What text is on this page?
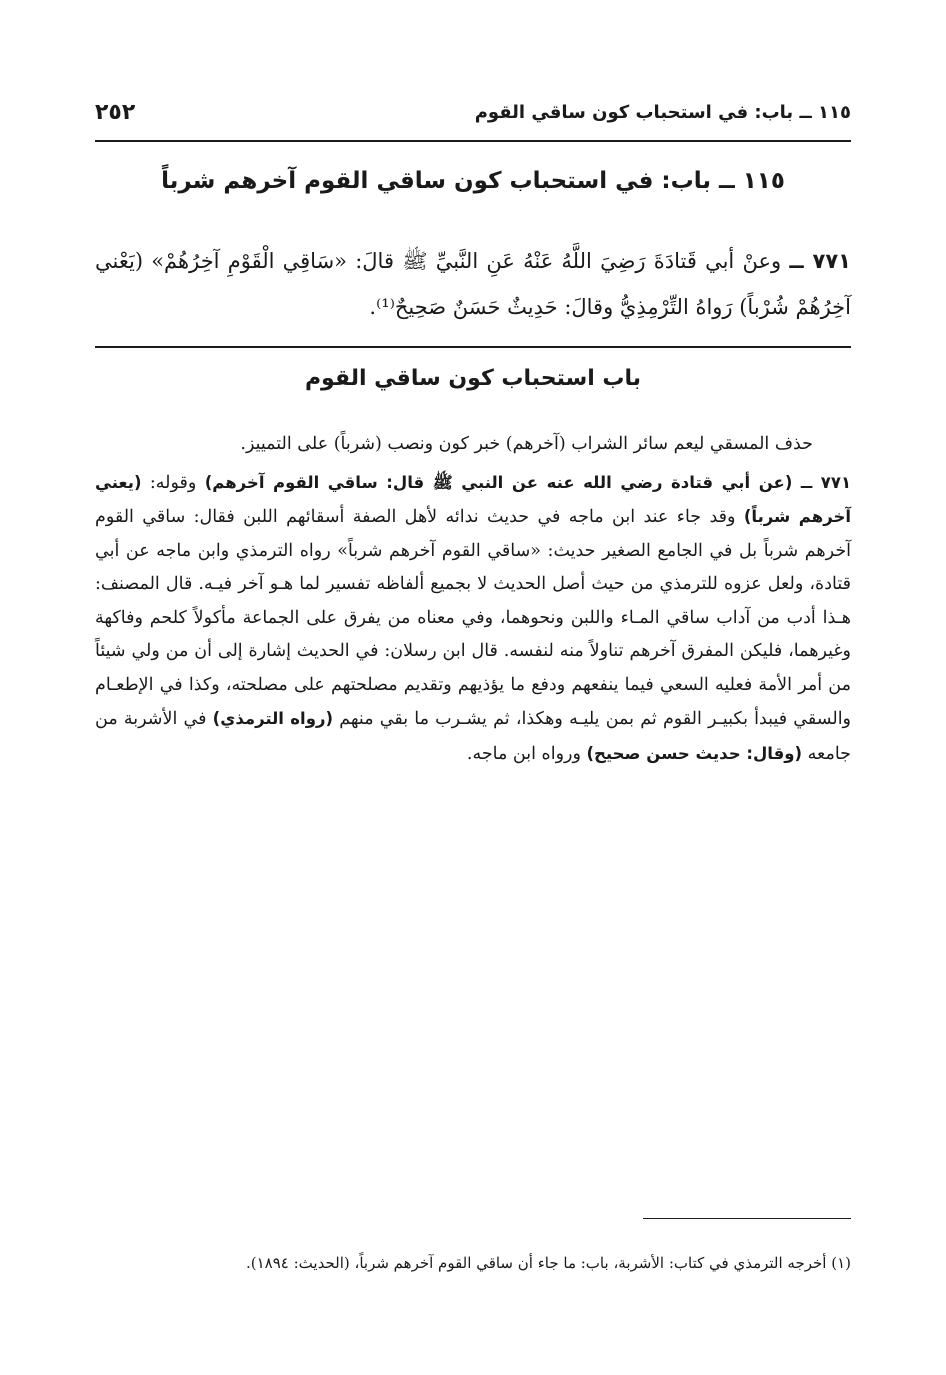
١١٥ ــ باب: في استحباب كون ساقي القوم
٢٥٢
١١٥ ــ باب: في استحباب كون ساقي القوم آخرهم شرباً
٧٧١ ــ وعنْ أبي قَتادَةَ رَضِيَ اللَّهُ عَنْهُ عَنِ النَّبيِّ ﷺ قالَ: «سَاقِي الْقَوْمِ آخِرُهُمْ» (يَعْني آخِرُهُمْ شُرْباً) رَواهُ التِّرْمِذِيُّ وقالَ: حَدِيثٌ حَسَنٌ صَحِيحٌ⁽¹⁾.
باب استحباب كون ساقي القوم

حذف المسقي ليعم سائر الشراب (آخرهم) خبر كون ونصب (شرباً) على التمييز.

٧٧١ ــ (عن أبي قتادة رضي الله عنه عن النبي ﷺ قال: ساقي القوم آخرهم) وقوله: (يعني آخرهم شرباً) وقد جاء عند ابن ماجه في حديث ندائه لأهل الصفة أسقائهم اللبن فقال: ساقي القوم آخرهم شرباً بل في الجامع الصغير حديث: «ساقي القوم آخرهم شرباً» رواه الترمذي وابن ماجه عن أبي قتادة، ولعل عزوه للترمذي من حيث أصل الحديث لا بجميع ألفاظه تفسير لما هـو آخر فيـه. قال المصنف: هـذا أدب من آداب ساقي المـاء واللبن ونحوهما، وفي معناه من يفرق على الجماعة مأكولاً كلحم وفاكهة وغيرهما، فليكن المفرق آخرهم تناولاً منه لنفسه. قال ابن رسلان: في الحديث إشارة إلى أن من ولي شيئاً من أمر الأمة فعليه السعي فيما ينفعهم ودفع ما يؤذيهم وتقديم مصلحتهم على مصلحته، وكذا في الإطعـام والسقي فيبدأ بكبيـر القوم ثم بمن يليـه وهكذا، ثم يشـرب ما بقي منهم (رواه الترمذي) في الأشربة من جامعه (وقال: حديث حسن صحيح) ورواه ابن ماجه.

(١) أخرجه الترمذي في كتاب: الأشربة، باب: ما جاء أن ساقي القوم آخرهم شرباً، (الحديث: ١٨٩٤).
